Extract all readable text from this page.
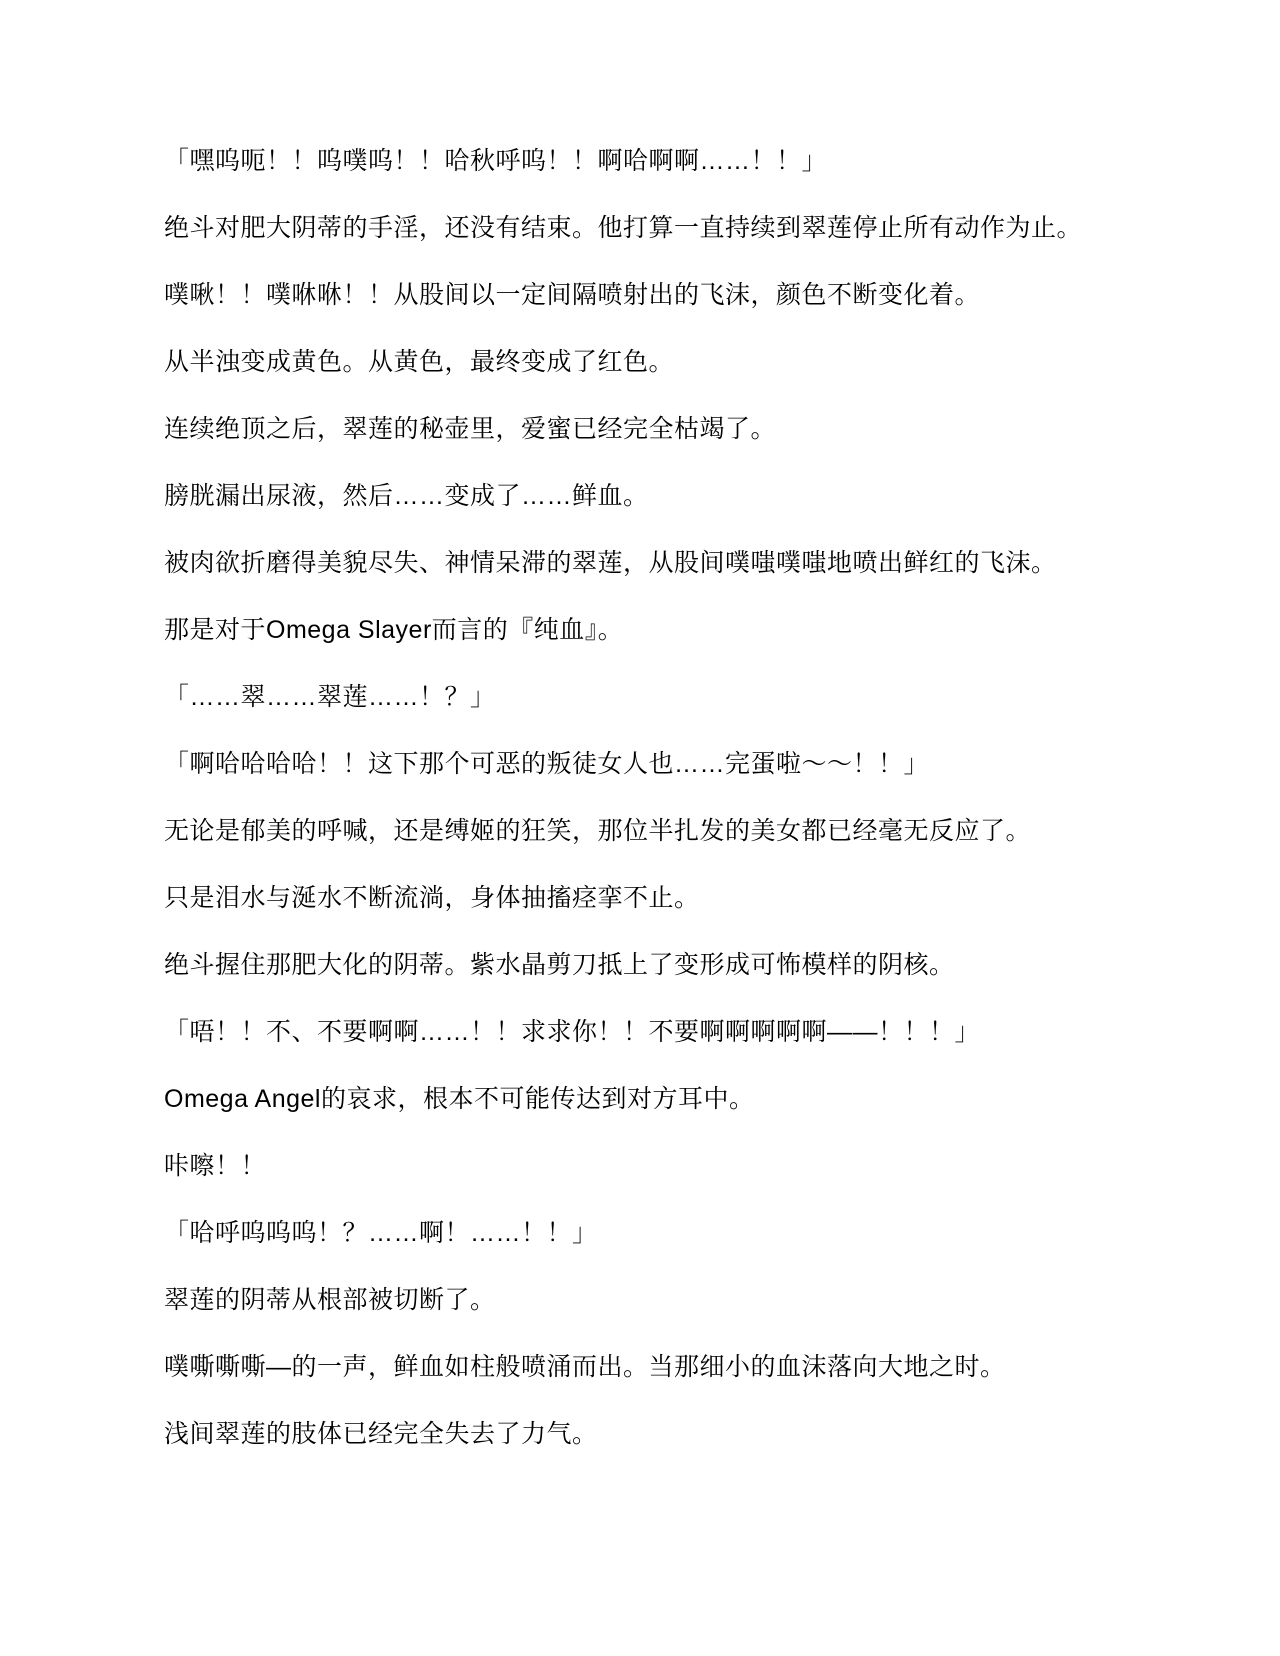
「嘿呜呃！！呜噗呜！！哈秋呼呜！！啊哈啊啊……！！」

绝斗对肥大阴蒂的手淫，还没有结束。他打算一直持续到翠莲停止所有动作为止。

噗啾！！噗咻咻！！从股间以一定间隔喷射出的飞沫，颜色不断变化着。

从半浊变成黄色。从黄色，最终变成了红色。

连续绝顶之后，翠莲的秘壶里，爱蜜已经完全枯竭了。

膀胱漏出尿液，然后……变成了……鲜血。

被肉欲折磨得美貌尽失、神情呆滞的翠莲，从股间噗嗤噗嗤地喷出鲜红的飞沫。

那是对于Omega Slayer而言的『纯血』。

「……翠……翠莲……！？」

「啊哈哈哈哈！！这下那个可恶的叛徒女人也……完蛋啦～～！！」

无论是郁美的呼喊，还是缚姬的狂笑，那位半扎发的美女都已经毫无反应了。

只是泪水与涎水不断流淌，身体抽搐痉挛不止。

绝斗握住那肥大化的阴蒂。紫水晶剪刀抵上了变形成可怖模样的阴核。

「唔！！不、不要啊啊……！！求求你！！不要啊啊啊啊啊——！！！」

Omega Angel的哀求，根本不可能传达到对方耳中。

咔嚓！！

「哈呼呜呜呜！？……啊！……！！」

翠莲的阴蒂从根部被切断了。

噗嘶嘶嘶—的一声，鲜血如柱般喷涌而出。当那细小的血沫落向大地之时。

浅间翠莲的肢体已经完全失去了力气。
